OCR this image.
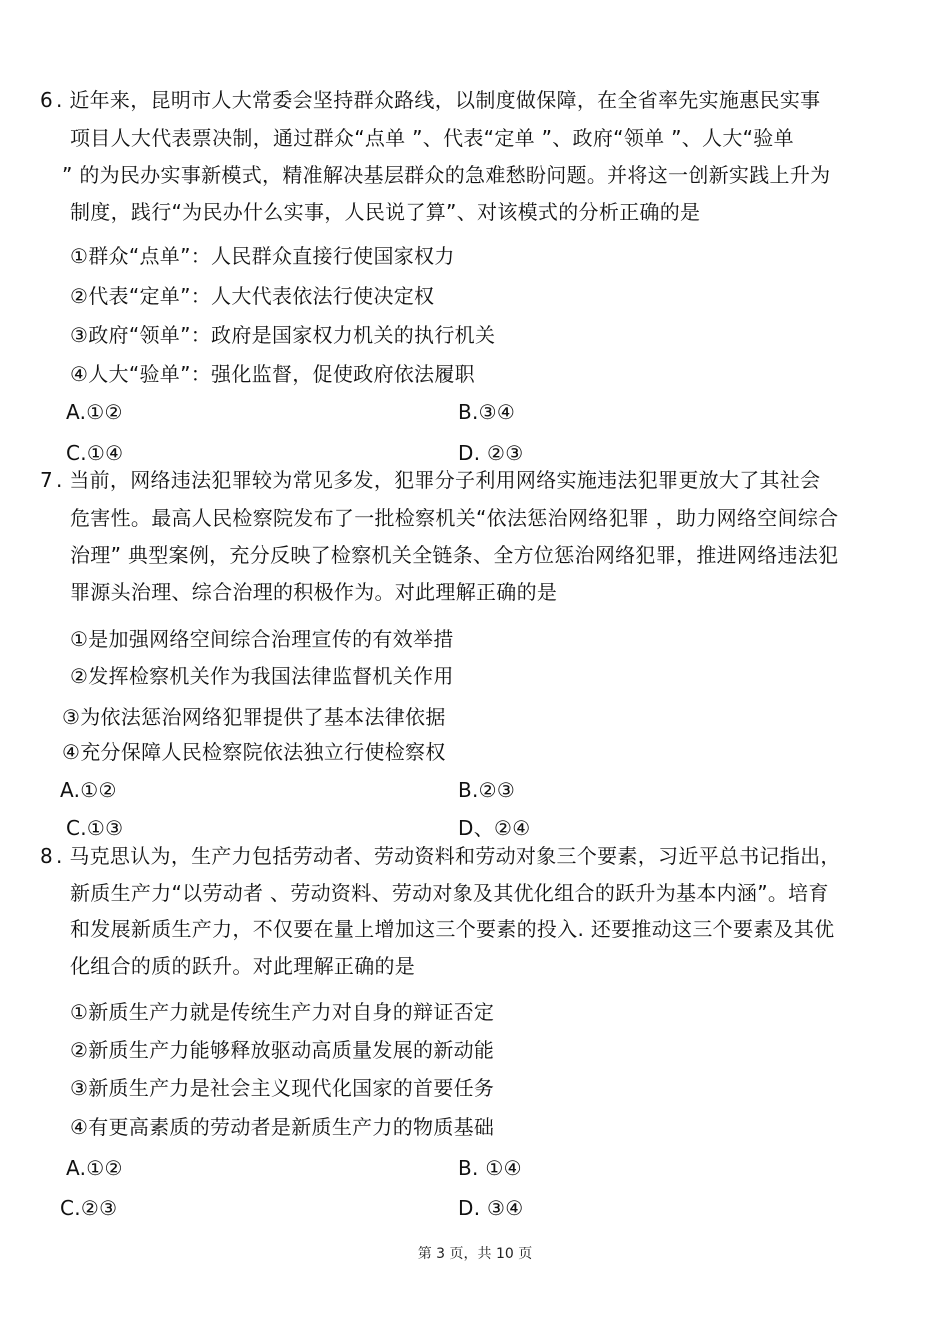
6 . 近年来，昆明市人大常委会坚持群众路线，以制度做保障，在全省率先实施惠民实事
项目人大代表票决制，通过群众“点单 ”、代表“定单 ”、政府“领单 ”、人大“验单
” 的为民办实事新模式，精准解决基层群众的急难愁盼问题。并将这一创新实践上升为
制度，践行“为民办什么实事，人民说了算”、对该模式的分析正确的是
①群众“点单”：人民群众直接行使国家权力
②代表“定单”：人大代表依法行使决定权
③政府“领单”：政府是国家权力机关的执行机关
④人大“验单”：强化监督，促使政府依法履职
A.①②	B.③④
C.①④	D. ②③
7 . 当前，网络违法犯罪较为常见多发，犯罪分子利用网络实施违法犯罪更放大了其社会
危害性。最高人民检察院发布了一批检察机关“依法惩治网络犯罪 ，助力网络空间综合
治理” 典型案例，充分反映了检察机关全链条、全方位惩治网络犯罪，推进网络违法犯
罪源头治理、综合治理的积极作为。对此理解正确的是
①是加强网络空间综合治理宣传的有效举措
②发挥检察机关作为我国法律监督机关作用
③为依法惩治网络犯罪提供了基本法律依据
④充分保障人民检察院依法独立行使检察权
A.①②	B.②③
C.①③	D、②④
8 . 马克思认为，生产力包括劳动者、劳动资料和劳动对象三个要素，习近平总书记指出，
新质生产力“以劳动者 、劳动资料、劳动对象及其优化组合的跃升为基本内涵”。培育
和发展新质生产力，不仅要在量上增加这三个要素的投入. 还要推动这三个要素及其优
化组合的质的跃升。对此理解正确的是
①新质生产力就是传统生产力对自身的辩证否定
②新质生产力能够释放驱动高质量发展的新动能
③新质生产力是社会主义现代化国家的首要任务
④有更高素质的劳动者是新质生产力的物质基础
A.①②	B. ①④
C.②③	D. ③④
第 3 页，共 10 页
